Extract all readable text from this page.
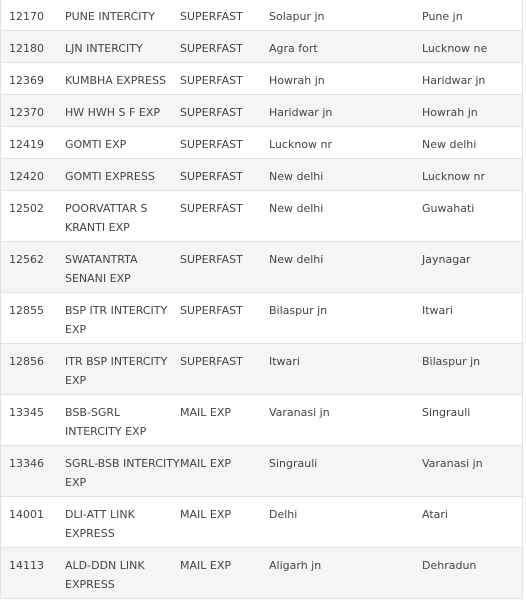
12170	PUNE INTERCITY	SUPERFAST	Solapur jn	Pune jn
12180	LJN INTERCITY	SUPERFAST	Agra fort	Lucknow ne
12369	KUMBHA EXPRESS	SUPERFAST	Howrah jn	Haridwar jn
12370	HW HWH S F EXP	SUPERFAST	Haridwar jn	Howrah jn
12419	GOMTI EXP	SUPERFAST	Lucknow nr	New delhi
12420	GOMTI EXPRESS	SUPERFAST	New delhi	Lucknow nr
12502	POORVATTAR S KRANTI EXP	SUPERFAST	New delhi	Guwahati
12562	SWATANTRTA SENANI EXP	SUPERFAST	New delhi	Jaynagar
12855	BSP ITR INTERCITY EXP	SUPERFAST	Bilaspur jn	Itwari
12856	ITR BSP INTERCITY EXP	SUPERFAST	Itwari	Bilaspur jn
13345	BSB-SGRL INTERCITY EXP	MAIL EXP	Varanasi jn	Singrauli
13346	SGRL-BSB INTERCITY EXP	MAIL EXP	Singrauli	Varanasi jn
14001	DLI-ATT LINK EXPRESS	MAIL EXP	Delhi	Atari
14113	ALD-DDN LINK EXPRESS	MAIL EXP	Aligarh jn	Dehradun
